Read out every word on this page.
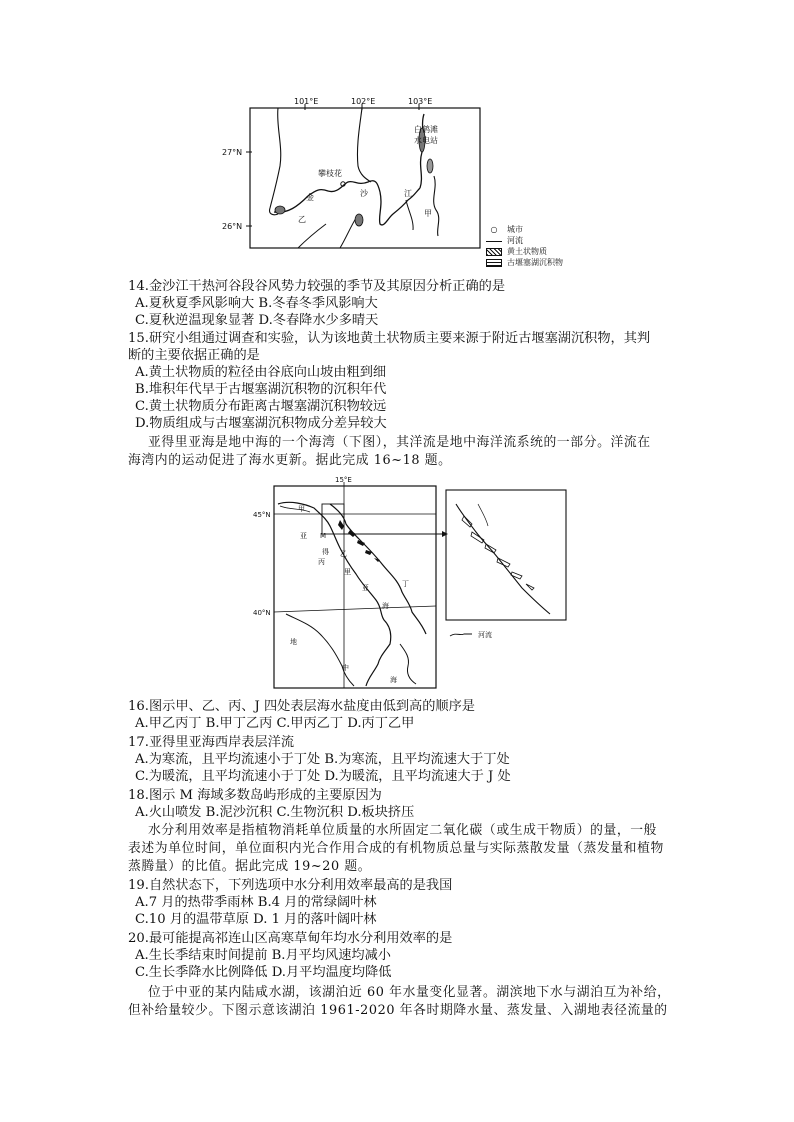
101°E	102°E	103°E
27°N
26°N
攀枝花
白鹤滩
水电站
金	沙	江
乙
甲
○	城市
河流
黄土状物质
古堰塞湖沉积物
14.金沙江干热河谷段谷风势力较强的季节及其原因分析正确的是
A.夏秋夏季风影响大 B.冬春冬季风影响大
C.夏秋逆温现象显著 D.冬春降水少多晴天
15.研究小组通过调查和实验，认为该地黄土状物质主要来源于附近古堰塞湖沉积物，其判
断的主要依据正确的是
A.黄土状物质的粒径由谷底向山坡由粗到细
B.堆积年代早于古堰塞湖沉积物的沉积年代
C.黄土状物质分布距离古堰塞湖沉积物较远
D.物质组成与古堰塞湖沉积物成分差异较大
亚得里亚海是地中海的一个海湾（下图），其洋流是地中海洋流系统的一部分。洋流在
海湾内的运动促进了海水更新。据此完成 16~18 题。
15°E
45°N
40°N
甲
M
亚
得 乙
丙
里
亚	丁
海
地
中
海
河流
16.图示甲、乙、丙、J 四处表层海水盐度由低到高的顺序是
A.甲乙丙丁 B.甲丁乙丙 C.甲丙乙丁 D.丙丁乙甲
17.亚得里亚海西岸表层洋流
A.为寒流，且平均流速小于丁处 B.为寒流，且平均流速大于丁处
C.为暖流，且平均流速小于丁处 D.为暖流，且平均流速大于 J 处
18.图示 M 海域多数岛屿形成的主要原因为
A.火山喷发 B.泥沙沉积 C.生物沉积 D.板块挤压
水分利用效率是指植物消耗单位质量的水所固定二氧化碳（或生成干物质）的量，一般
表述为单位时间，单位面积内光合作用合成的有机物质总量与实际蒸散发量（蒸发量和植物
蒸腾量）的比值。据此完成 19~20 题。
19.自然状态下，下列选项中水分利用效率最高的是我国
A.7 月的热带季雨林 B.4 月的常绿阔叶林
C.10 月的温带草原 D. 1 月的落叶阔叶林
20.最可能提高祁连山区高寒草甸年均水分利用效率的是
A.生长季结束时间提前 B.月平均风速均减小
C.生长季降水比例降低 D.月平均温度均降低
位于中亚的某内陆咸水湖，该湖泊近 60 年水量变化显著。湖滨地下水与湖泊互为补给，
但补给量较少。下图示意该湖泊 1961-2020 年各时期降水量、蒸发量、入湖地表径流量的
